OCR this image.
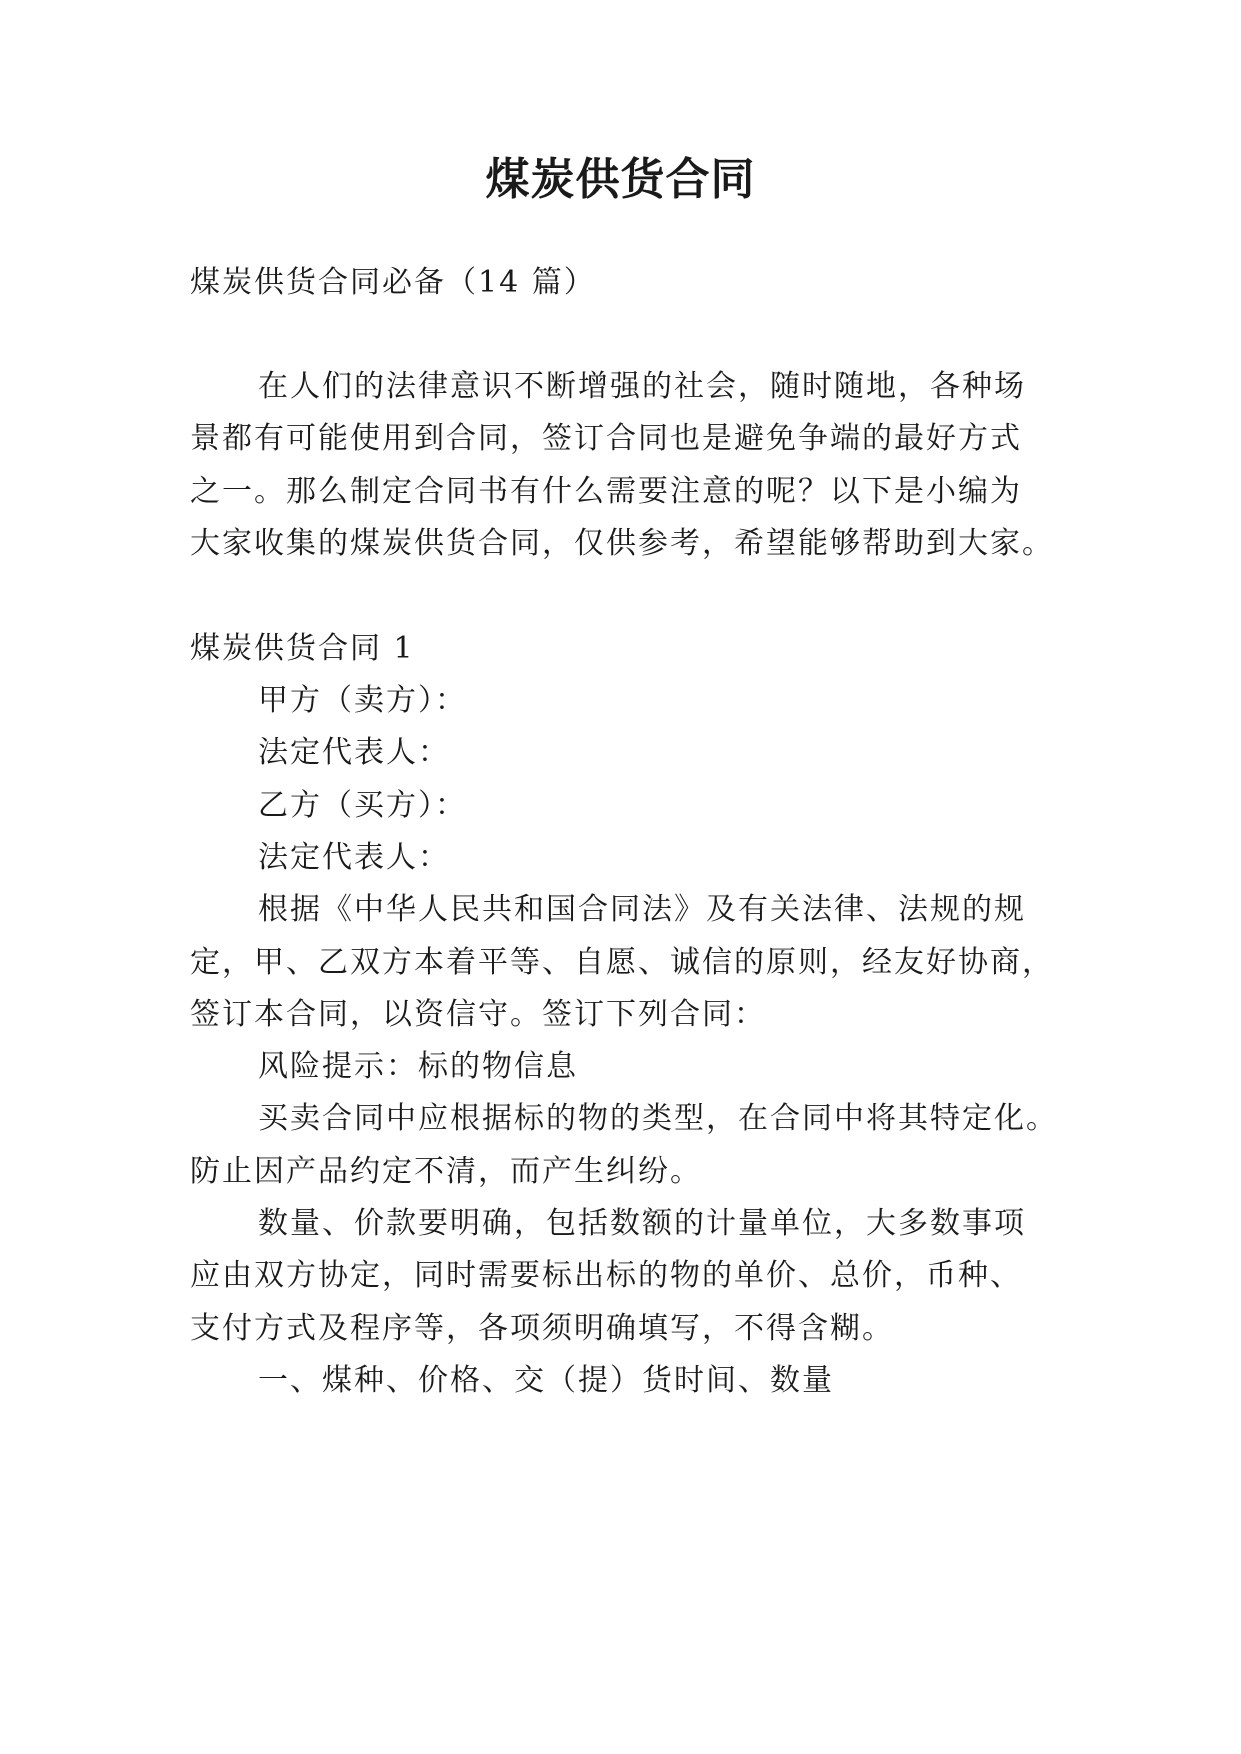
煤炭供货合同
煤炭供货合同必备（14 篇）
在人们的法律意识不断增强的社会，随时随地，各种场
景都有可能使用到合同，签订合同也是避免争端的最好方式
之一。那么制定合同书有什么需要注意的呢？以下是小编为
大家收集的煤炭供货合同，仅供参考，希望能够帮助到大家。
煤炭供货合同 1
甲方（卖方）：
法定代表人：
乙方（买方）：
法定代表人：
根据《中华人民共和国合同法》及有关法律、法规的规
定，甲、乙双方本着平等、自愿、诚信的原则，经友好协商，
签订本合同，以资信守。签订下列合同：
风险提示：标的物信息
买卖合同中应根据标的物的类型，在合同中将其特定化。
防止因产品约定不清，而产生纠纷。
数量、价款要明确，包括数额的计量单位，大多数事项
应由双方协定，同时需要标出标的物的单价、总价，币种、
支付方式及程序等，各项须明确填写，不得含糊。
一、煤种、价格、交（提）货时间、数量
